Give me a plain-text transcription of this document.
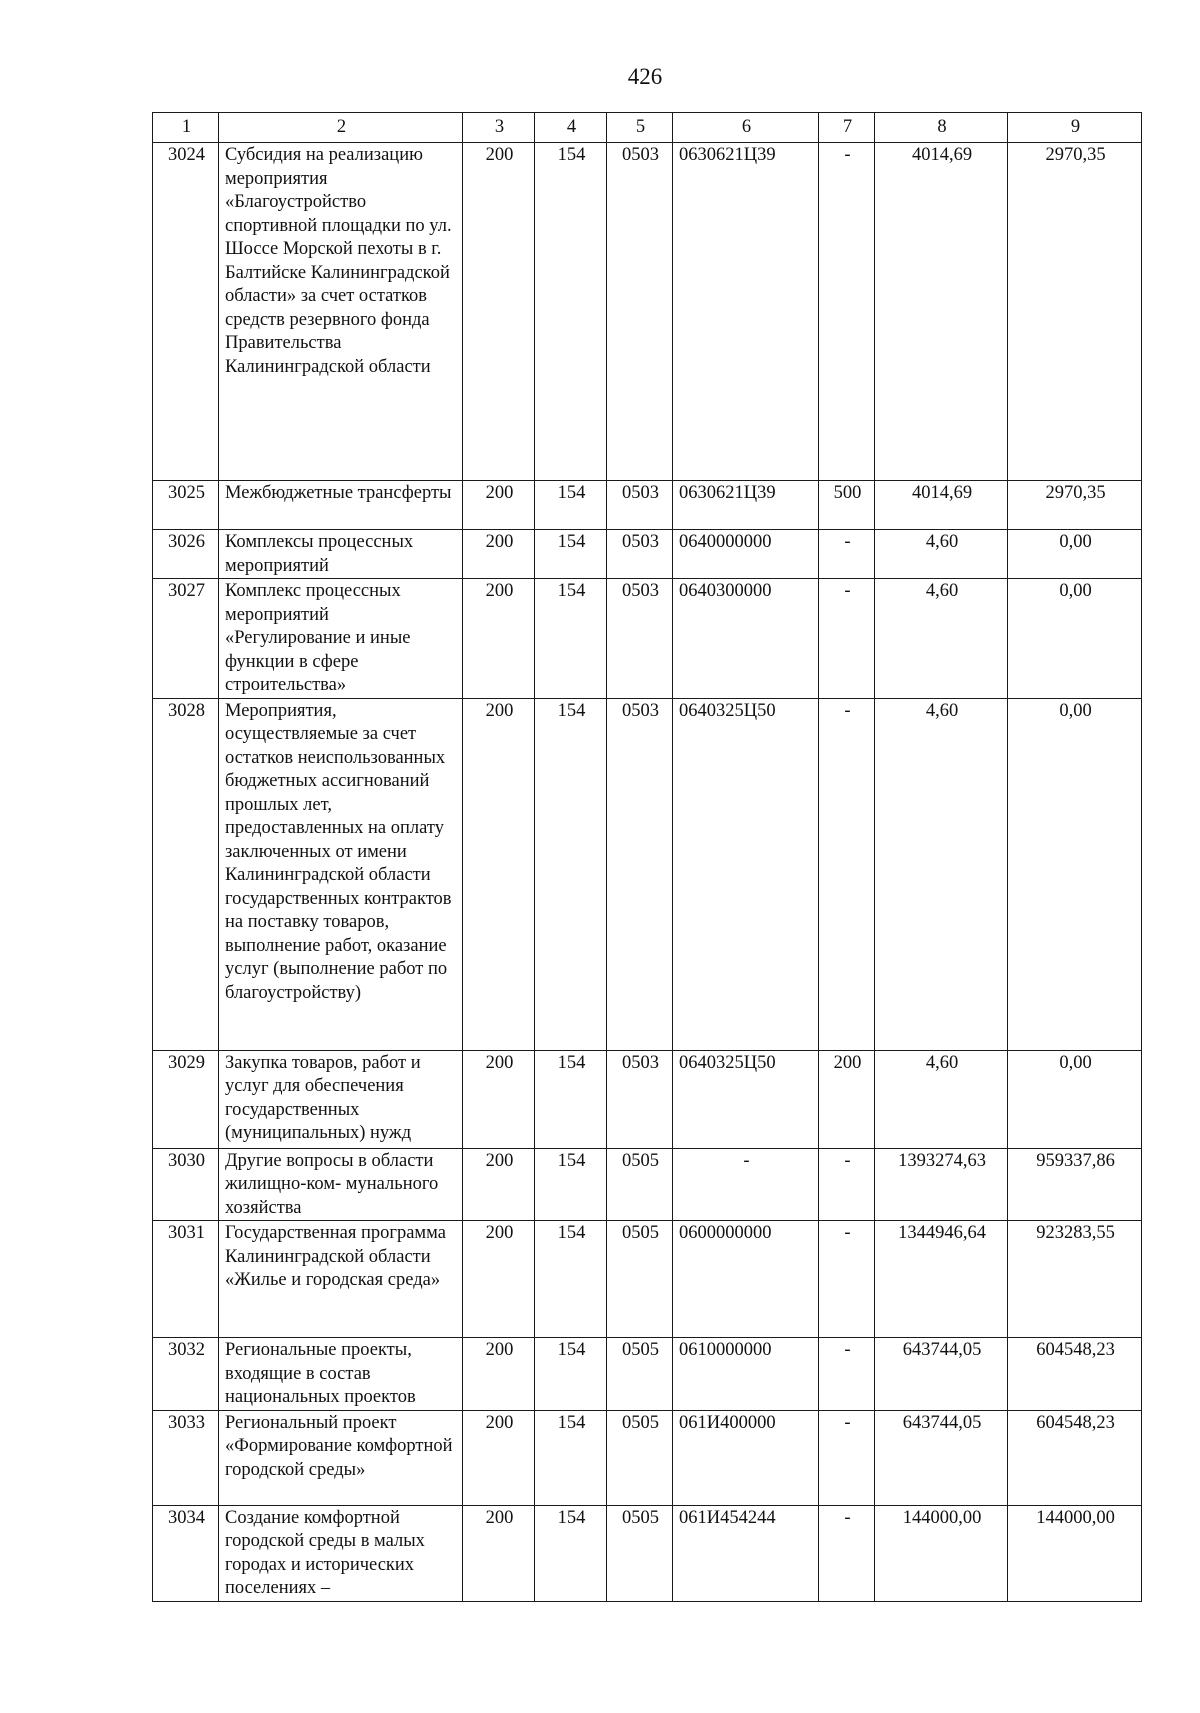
426
1	2	3	4	5	6	7	8	9
3024	Субсидия на реализацию мероприятия «Благоустройство спортивной площадки по ул. Шоссе Морской пехоты в г. Балтийске Калининградской области» за счет остатков средств резервного фонда Правительства Калининградской области	200	154	0503	0630621Ц39	-	4014,69	2970,35
3025	Межбюджетные трансферты	200	154	0503	0630621Ц39	500	4014,69	2970,35
3026	Комплексы процессных мероприятий	200	154	0503	0640000000	-	4,60	0,00
3027	Комплекс процессных мероприятий «Регулирование и иные функции в сфере строительства»	200	154	0503	0640300000	-	4,60	0,00
3028	Мероприятия, осуществляемые за счет остатков неиспользованных бюджетных ассигнований прошлых лет, предоставленных на оплату заключенных от имени Калининградской области государственных контрактов на поставку товаров, выполнение работ, оказание услуг (выполнение работ по благоустройству)	200	154	0503	0640325Ц50	-	4,60	0,00
3029	Закупка товаров, работ и услуг для обеспечения государственных (муниципальных) нужд	200	154	0503	0640325Ц50	200	4,60	0,00
3030	Другие вопросы в области жилищно-ком- мунального хозяйства	200	154	0505	-	-	1393274,63	959337,86
3031	Государственная программа Калининградской области «Жилье и городская среда»	200	154	0505	0600000000	-	1344946,64	923283,55
3032	Региональные проекты, входящие в состав национальных проектов	200	154	0505	0610000000	-	643744,05	604548,23
3033	Региональный проект «Формирование комфортной городской среды»	200	154	0505	061И400000	-	643744,05	604548,23
3034	Создание комфортной городской среды в малых городах и исторических поселениях –	200	154	0505	061И454244	-	144000,00	144000,00
